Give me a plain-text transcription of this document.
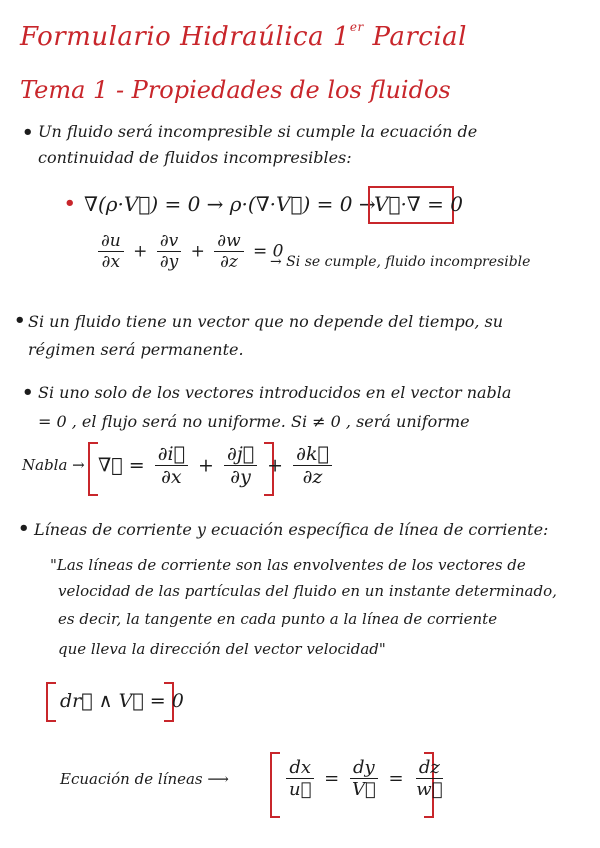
Formulario Hidraúlica 1er Parcial
Tema 1 - Propiedades de los fluidos
• Un fluido será incompresible si cumple la ecuación de
continuidad de fluidos incompresibles:
• ∇(ρ·V⃗) = 0 → ρ·(∇·V⃗) = 0 →
V⃗·∇ = 0
$\frac{\partial u}{\partial x} + \frac{\partial v}{\partial y} + \frac{\partial w}{\partial z} = 0$
→ Si se cumple, fluido incompresible
• Si un fluido tiene un vector que no depende del tiempo, su
régimen será permanente.
• Si uno solo de los vectores introducidos en el vector nabla
= 0 , el flujo será no uniforme. Si ≠ 0 , será uniforme
Nabla → ∇⃗ = $\frac{\partial i⃗}{\partial x} + \frac{\partial j⃗}{\partial y} + \frac{\partial k⃗}{\partial z}$
• Líneas de corriente y ecuación específica de línea de corriente:
"Las líneas de corriente son las envolventes de los vectores de
velocidad de las partículas del fluido en un instante determinado,
es decir, la tangente en cada punto a la línea de corriente
que lleva la dirección del vector velocidad"
dr⃗ ∧ V⃗ = 0
Ecuación de líneas ⟶	$\frac{dx}{u⃗} = \frac{dy}{V⃗} = \frac{dz}{w⃗}$
